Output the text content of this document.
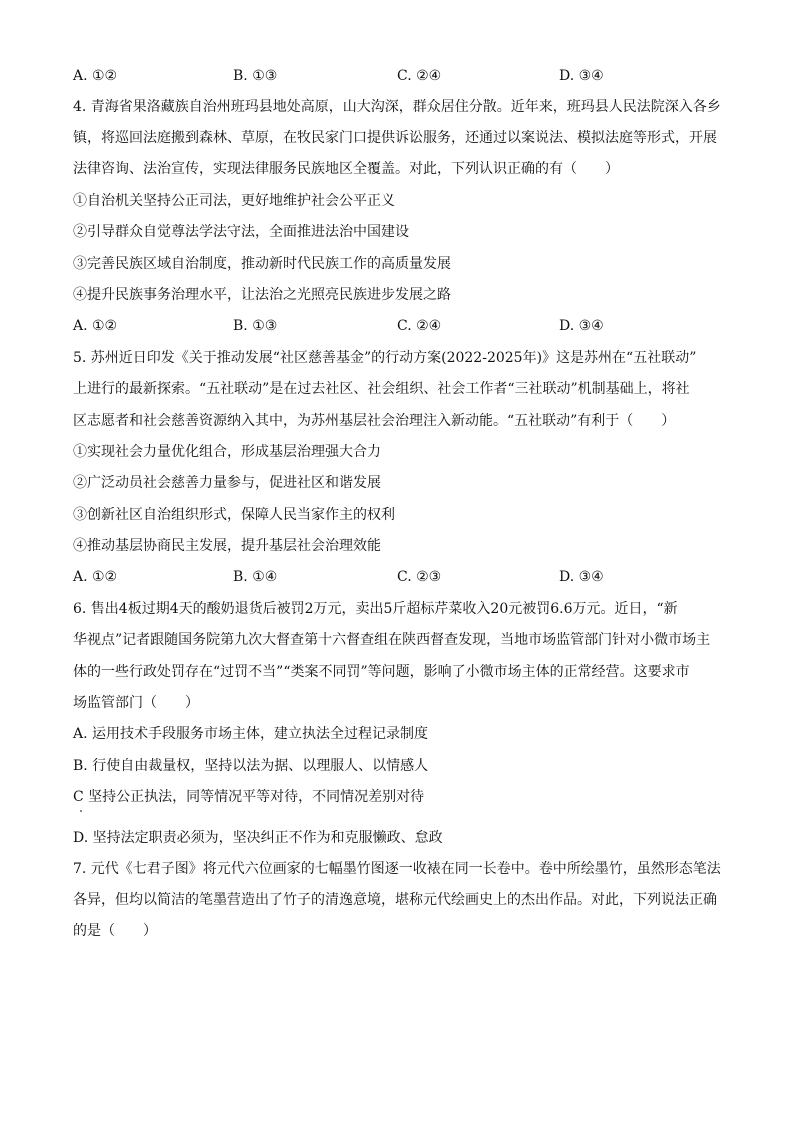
A. ①②	B. ①③	C. ②④	D. ③④
4. 青海省果洛藏族自治州班玛县地处高原，山大沟深，群众居住分散。近年来，班玛县人民法院深入各乡
镇，将巡回法庭搬到森林、草原，在牧民家门口提供诉讼服务，还通过以案说法、模拟法庭等形式，开展
法律咨询、法治宣传，实现法律服务民族地区全覆盖。对此，下列认识正确的有（　　）
①自治机关坚持公正司法，更好地维护社会公平正义
②引导群众自觉尊法学法守法，全面推进法治中国建设
③完善民族区域自治制度，推动新时代民族工作的高质量发展
④提升民族事务治理水平，让法治之光照亮民族进步发展之路
A. ①②	B. ①③	C. ②④	D. ③④
5. 苏州近日印发《关于推动发展“社区慈善基金”的行动方案(2022-2025年)》这是苏州在“五社联动”
上进行的最新探索。“五社联动”是在过去社区、社会组织、社会工作者“三社联动”机制基础上，将社
区志愿者和社会慈善资源纳入其中，为苏州基层社会治理注入新动能。“五社联动”有利于（　　）
①实现社会力量优化组合，形成基层治理强大合力
②广泛动员社会慈善力量参与，促进社区和谐发展
③创新社区自治组织形式，保障人民当家作主的权利
④推动基层协商民主发展，提升基层社会治理效能
A. ①②	B. ①④	C. ②③	D. ③④
6. 售出4板过期4天的酸奶退货后被罚2万元，卖出5斤超标芹菜收入20元被罚6.6万元。近日，“新
华视点”记者跟随国务院第九次大督查第十六督查组在陕西督查发现，当地市场监管部门针对小微市场主
体的一些行政处罚存在“过罚不当”“类案不同罚”等问题，影响了小微市场主体的正常经营。这要求市
场监管部门（　　）
A. 运用技术手段服务市场主体，建立执法全过程记录制度
B. 行使自由裁量权，坚持以法为据、以理服人、以情感人
C 坚持公正执法，同等情况平等对待，不同情况差别对待
D. 坚持法定职责必须为，坚决纠正不作为和克服懒政、怠政
7. 元代《七君子图》将元代六位画家的七幅墨竹图逐一收裱在同一长卷中。卷中所绘墨竹，虽然形态笔法
各异，但均以简洁的笔墨营造出了竹子的清逸意境，堪称元代绘画史上的杰出作品。对此，下列说法正确
的是（　　）
